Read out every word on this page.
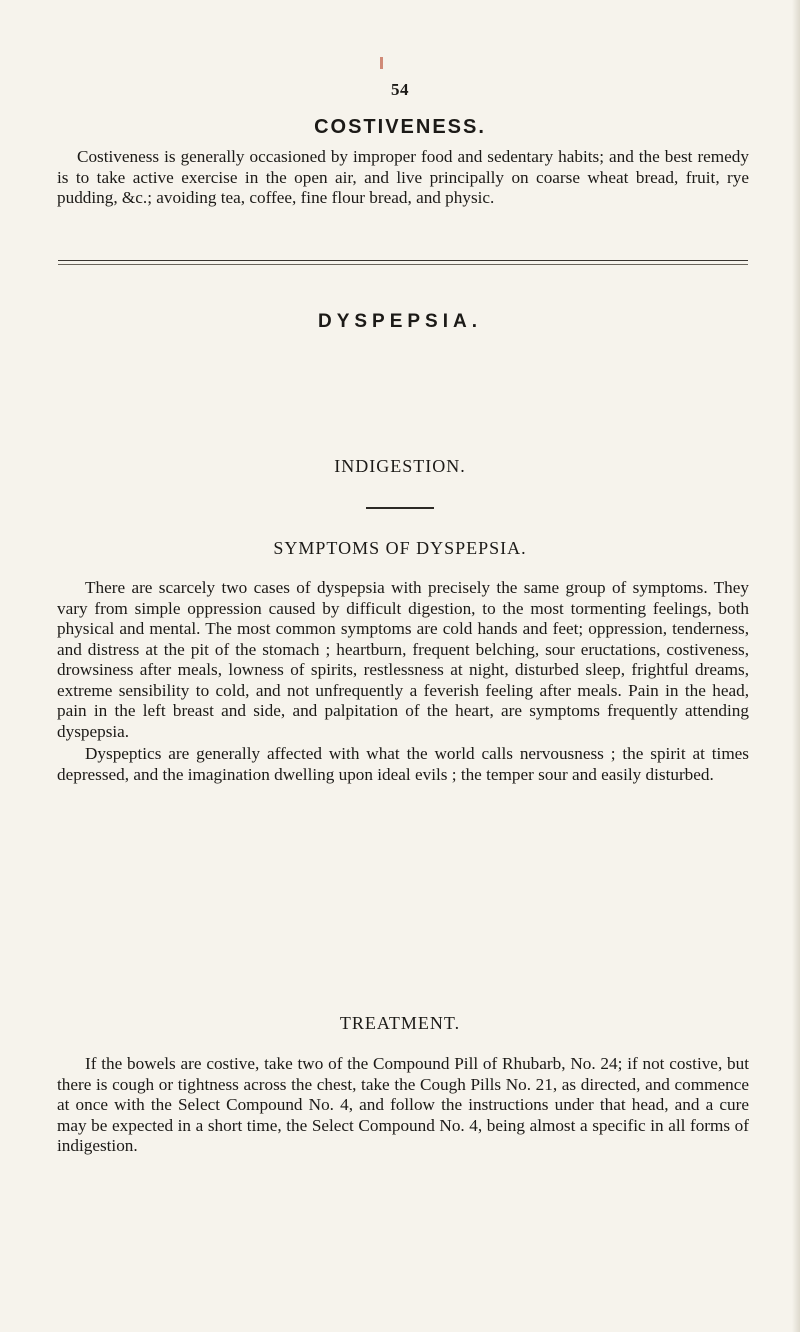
54
COSTIVENESS.

Costiveness is generally occasioned by improper food and sedentary habits; and the best remedy is to take active exercise in the open air, and live principally on coarse wheat bread, fruit, rye pudding, &c.; avoiding tea, coffee, fine flour bread, and physic.

DYSPEPSIA.
INDIGESTION.
SYMPTOMS OF DYSPEPSIA.

There are scarcely two cases of dyspepsia with precisely the same group of symptoms. They vary from simple oppression caused by difficult digestion, to the most tormenting feelings, both physical and mental. The most common symptoms are cold hands and feet; oppression, tenderness, and distress at the pit of the stomach ; heartburn, frequent belching, sour eructations, costiveness, drowsiness after meals, lowness of spirits, restlessness at night, disturbed sleep, frightful dreams, extreme sensibility to cold, and not unfrequently a feverish feeling after meals. Pain in the head, pain in the left breast and side, and palpitation of the heart, are symptoms frequently attending dyspepsia.

Dyspeptics are generally affected with what the world calls nervousness ; the spirit at times depressed, and the imagination dwelling upon ideal evils ; the temper sour and easily disturbed.

TREATMENT.

If the bowels are costive, take two of the Compound Pill of Rhubarb, No. 24; if not costive, but there is cough or tightness across the chest, take the Cough Pills No. 21, as directed, and commence at once with the Select Compound No. 4, and follow the instructions under that head, and a cure may be expected in a short time, the Select Compound No. 4, being almost a specific in all forms of indigestion.
